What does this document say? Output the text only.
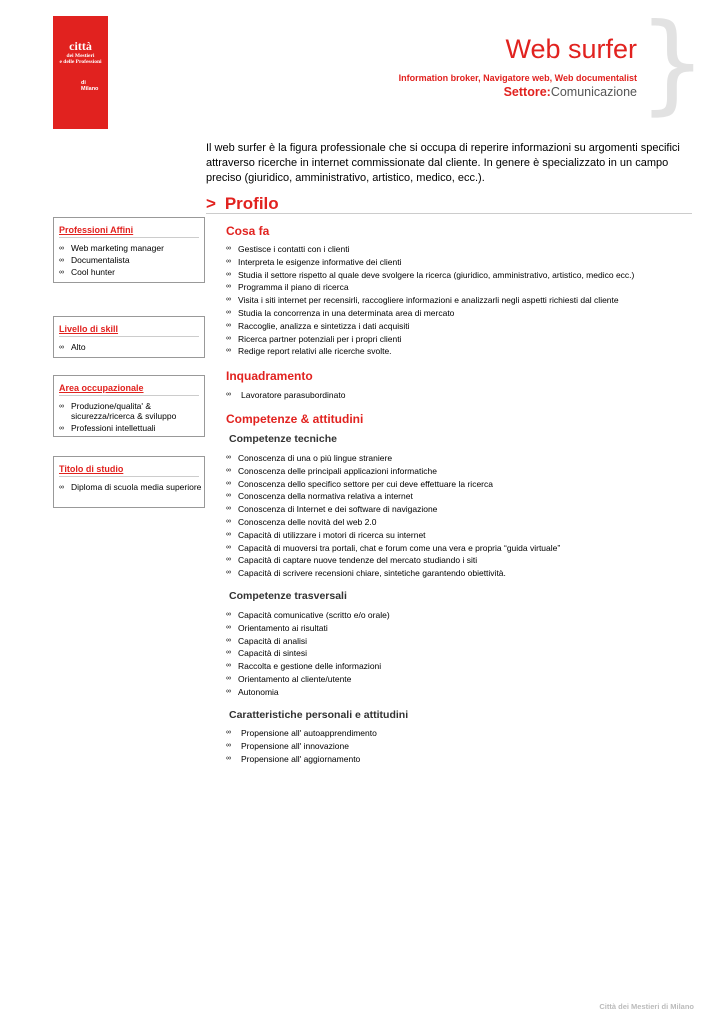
città
dei Mestieri
e delle Professioni
di
Milano	}
Web surfer
Information broker, Navigatore web, Web documentalist
Settore:Comunicazione
Il web surfer è la figura professionale che si occupa di reperire informazioni su argomenti specifici attraverso ricerche in internet commissionate dal cliente. In genere è specializzato in un campo preciso (giuridico, amministrativo, artistico, medico, ecc.).
> Profilo
Professioni Affini
∞ Web marketing manager
∞ Documentalista
∞ Cool hunter
Livello di skill
∞ Alto
Area occupazionale
∞ Produzione/qualita' & sicurezza/ricerca & sviluppo
∞ Professioni intellettuali
Titolo di studio
∞ Diploma di scuola media superiore
Cosa fa
∞ Gestisce i contatti con i clienti
∞ Interpreta le esigenze informative dei clienti
∞ Studia il settore rispetto al quale deve svolgere la ricerca (giuridico, amministrativo, artistico, medico ecc.)
∞ Programma il piano di ricerca
∞ Visita i siti internet per recensirli, raccogliere informazioni e analizzarli negli aspetti richiesti dal cliente
∞ Studia la concorrenza in una determinata area di mercato
∞ Raccoglie, analizza e sintetizza i dati acquisiti
∞ Ricerca partner potenziali per i propri clienti
∞ Redige report relativi alle ricerche svolte.
Inquadramento
∞ Lavoratore parasubordinato
Competenze & attitudini
Competenze tecniche
∞ Conoscenza di una o più lingue straniere
∞ Conoscenza delle principali applicazioni informatiche
∞ Conoscenza dello specifico settore per cui deve effettuare la ricerca
∞ Conoscenza della normativa relativa a internet
∞ Conoscenza di Internet e dei software di navigazione
∞ Conoscenza delle novità del web 2.0
∞ Capacità di utilizzare i motori di ricerca su internet
∞ Capacità di muoversi tra portali, chat e forum come una vera e propria “guida virtuale”
∞ Capacità di captare nuove tendenze del mercato studiando i siti
∞ Capacità di scrivere recensioni chiare, sintetiche garantendo obiettività.
Competenze trasversali
∞ Capacità comunicative (scritto e/o orale)
∞ Orientamento ai risultati
∞ Capacità di analisi
∞ Capacità di sintesi
∞ Raccolta e gestione delle informazioni
∞ Orientamento al cliente/utente
∞ Autonomia
Caratteristiche personali e attitudini
∞ Propensione all' autoapprendimento
∞ Propensione all' innovazione
∞ Propensione all' aggiornamento
Città dei Mestieri di Milano
